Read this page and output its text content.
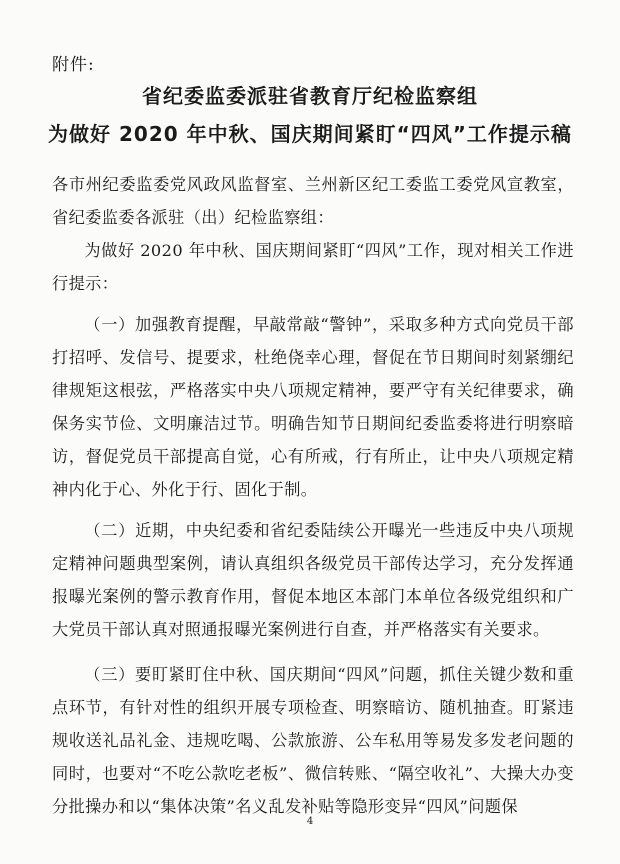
附件:
省纪委监委派驻省教育厅纪检监察组
为做好 2020 年中秋、国庆期间紧盯“四风”工作提示稿

各市州纪委监委党风政风监督室、兰州新区纪工委监工委党风宣教室，省纪委监委各派驻（出）纪检监察组：

为做好 2020 年中秋、国庆期间紧盯“四风”工作，现对相关工作进行提示：

（一）加强教育提醒，早敲常敲“警钟”，采取多种方式向党员干部打招呼、发信号、提要求，杜绝侥幸心理，督促在节日期间时刻紧绷纪律规矩这根弦，严格落实中央八项规定精神，要严守有关纪律要求，确保务实节俭、文明廉洁过节。明确告知节日期间纪委监委将进行明察暗访，督促党员干部提高自觉，心有所戒，行有所止，让中央八项规定精神内化于心、外化于行、固化于制。

（二）近期，中央纪委和省纪委陆续公开曝光一些违反中央八项规定精神问题典型案例，请认真组织各级党员干部传达学习，充分发挥通报曝光案例的警示教育作用，督促本地区本部门本单位各级党组织和广大党员干部认真对照通报曝光案例进行自查，并严格落实有关要求。

（三）要盯紧盯住中秋、国庆期间“四风”问题，抓住关键少数和重点环节，有针对性的组织开展专项检查、明察暗访、随机抽查。盯紧违规收送礼品礼金、违规吃喝、公款旅游、公车私用等易发多发老问题的同时，也要对“不吃公款吃老板”、微信转账、“隔空收礼”、大操大办变分批操办和以“集体决策”名义乱发补贴等隐形变异“四风”问题保

4
